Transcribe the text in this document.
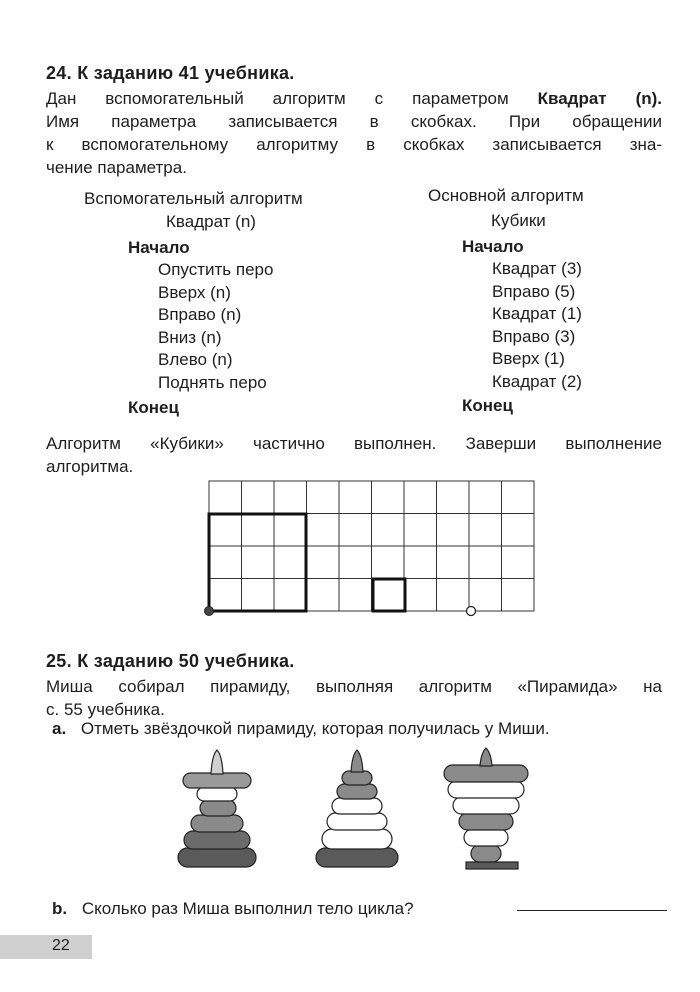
24. К заданию 41 учебника.
Дан вспомогательный алгоритм с параметром Квадрат (n).
Имя параметра записывается в скобках. При обращении
к вспомогательному алгоритму в скобках записывается зна-
чение параметра.
Вспомогательный алгоритм
Квадрат (n)
Начало
Опустить перо
Вверх (n)
Вправо (n)
Вниз (n)
Влево (n)
Поднять перо
Конец
Основной алгоритм
Кубики
Начало
Квадрат (3)
Вправо (5)
Квадрат (1)
Вправо (3)
Вверх (1)
Квадрат (2)
Конец
Алгоритм «Кубики» частично выполнен. Заверши выполнение
алгоритма.
25. К заданию 50 учебника.
Миша собирал пирамиду, выполняя алгоритм «Пирамида» на
с. 55 учебника.
a. Отметь звёздочкой пирамиду, которая получилась у Миши.
b. Сколько раз Миша выполнил тело цикла?
22
